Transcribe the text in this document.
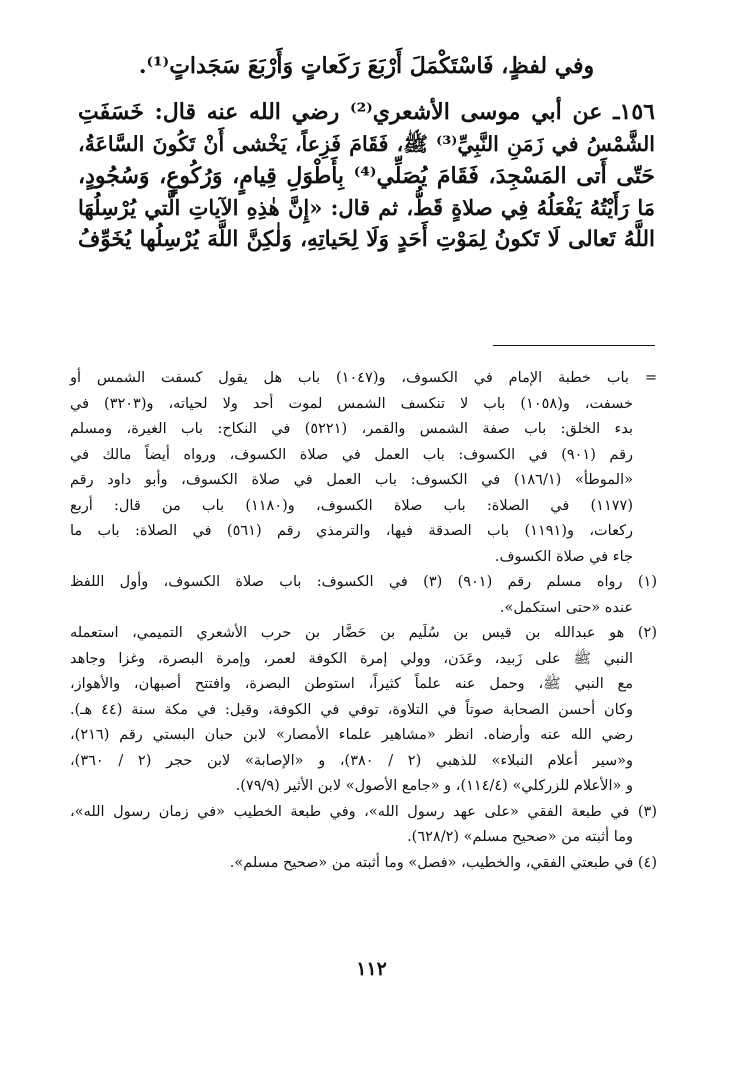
وفي لفظٍ، فَاسْتَكْمَلَ أَرْبَعَ رَكَعاتٍ وَأَرْبَعَ سَجَداتٍ⁽¹⁾.
١٥٦ـ عن أبي موسى الأشعري⁽²⁾ رضي الله عنه قال: خَسَفَتِ
الشَّمْسُ في زَمَنِ النَّبِيِّ⁽³⁾ ﷺ، فَقَامَ فَزِعاً، يَخْشى أَنْ تَكُونَ السَّاعَةُ،
حَتّى أَتى المَسْجِدَ، فَقَامَ يُصَلِّي⁽⁴⁾ بِأَطْوَلِ قِيامٍ، وَرُكُوعٍ، وَسُجُودٍ،
مَا رَأَيْتُهُ يَفْعَلُهُ فِي صلاةٍ قَطُّ، ثم قال: «إِنَّ هٰذِهِ الآياتِ الَّتي يُرْسِلُهَا
اللَّهُ تَعالى لَا تَكونُ لِمَوْتِ أَحَدٍ وَلَا لِحَياتِهِ، وَلٰكِنَّ اللَّهَ يُرْسِلُها يُخَوِّفُ
= باب خطبة الإمام في الكسوف، و(١٠٤٧) باب هل يقول كسفت الشمس أو
خسفت، و(١٠٥٨) باب لا تنكسف الشمس لموت أحد ولا لحياته، و(٣٢٠٣) في
بدء الخلق: باب صفة الشمس والقمر، (٥٢٢١) في النكاح: باب الغيرة، ومسلم
رقم (٩٠١) في الكسوف: باب العمل في صلاة الكسوف، ورواه أيضاً مالك في
«الموطأ» (١٨٦/١) في الكسوف: باب العمل في صلاة الكسوف، وأبو داود رقم
(١١٧٧) في الصلاة: باب صلاة الكسوف، و(١١٨٠) باب من قال: أربع
ركعات، و(١١٩١) باب الصدقة فيها، والترمذي رقم (٥٦١) في الصلاة: باب ما
جاء في صلاة الكسوف.
(١) رواه مسلم رقم (٩٠١) (٣) في الكسوف: باب صلاة الكسوف، وأول اللفظ
عنده «حتى استكمل».
(٢) هو عبدالله بن قيس بن سُلَيم بن حَضَّار بن حرب الأشعري التميمي، استعمله
النبي ﷺ على زَبيد، وعَدَن، وولي إمرة الكوفة لعمر، وإمرة البصرة، وغزا وجاهد
مع النبي ﷺ، وحمل عنه علماً كثيراً، استوطن البصرة، وافتتح أصبهان، والأهواز،
وكان أحسن الصحابة صوتاً في التلاوة، توفي في الكوفة، وقيل: في مكة سنة (٤٤ هـ).
رضي الله عنه وأرضاه. انظر «مشاهير علماء الأمصار» لابن حبان البستي رقم (٢١٦)،
و«سير أعلام النبلاء» للذهبي (٢ / ٣٨٠)، و «الإصابة» لابن حجر (٢ / ٣٦٠)،
و «الأعلام للزركلي» (١١٤/٤)، و «جامع الأصول» لابن الأثير (٧٩/٩).
(٣) في طبعة الفقي «على عهد رسول الله»، وفي طبعة الخطيب «في زمان رسول الله»،
وما أثبته من «صحيح مسلم» (٦٢٨/٢).
(٤) في طبعتي الفقي، والخطيب، «فصل» وما أثبته من «صحيح مسلم».
١١٢
